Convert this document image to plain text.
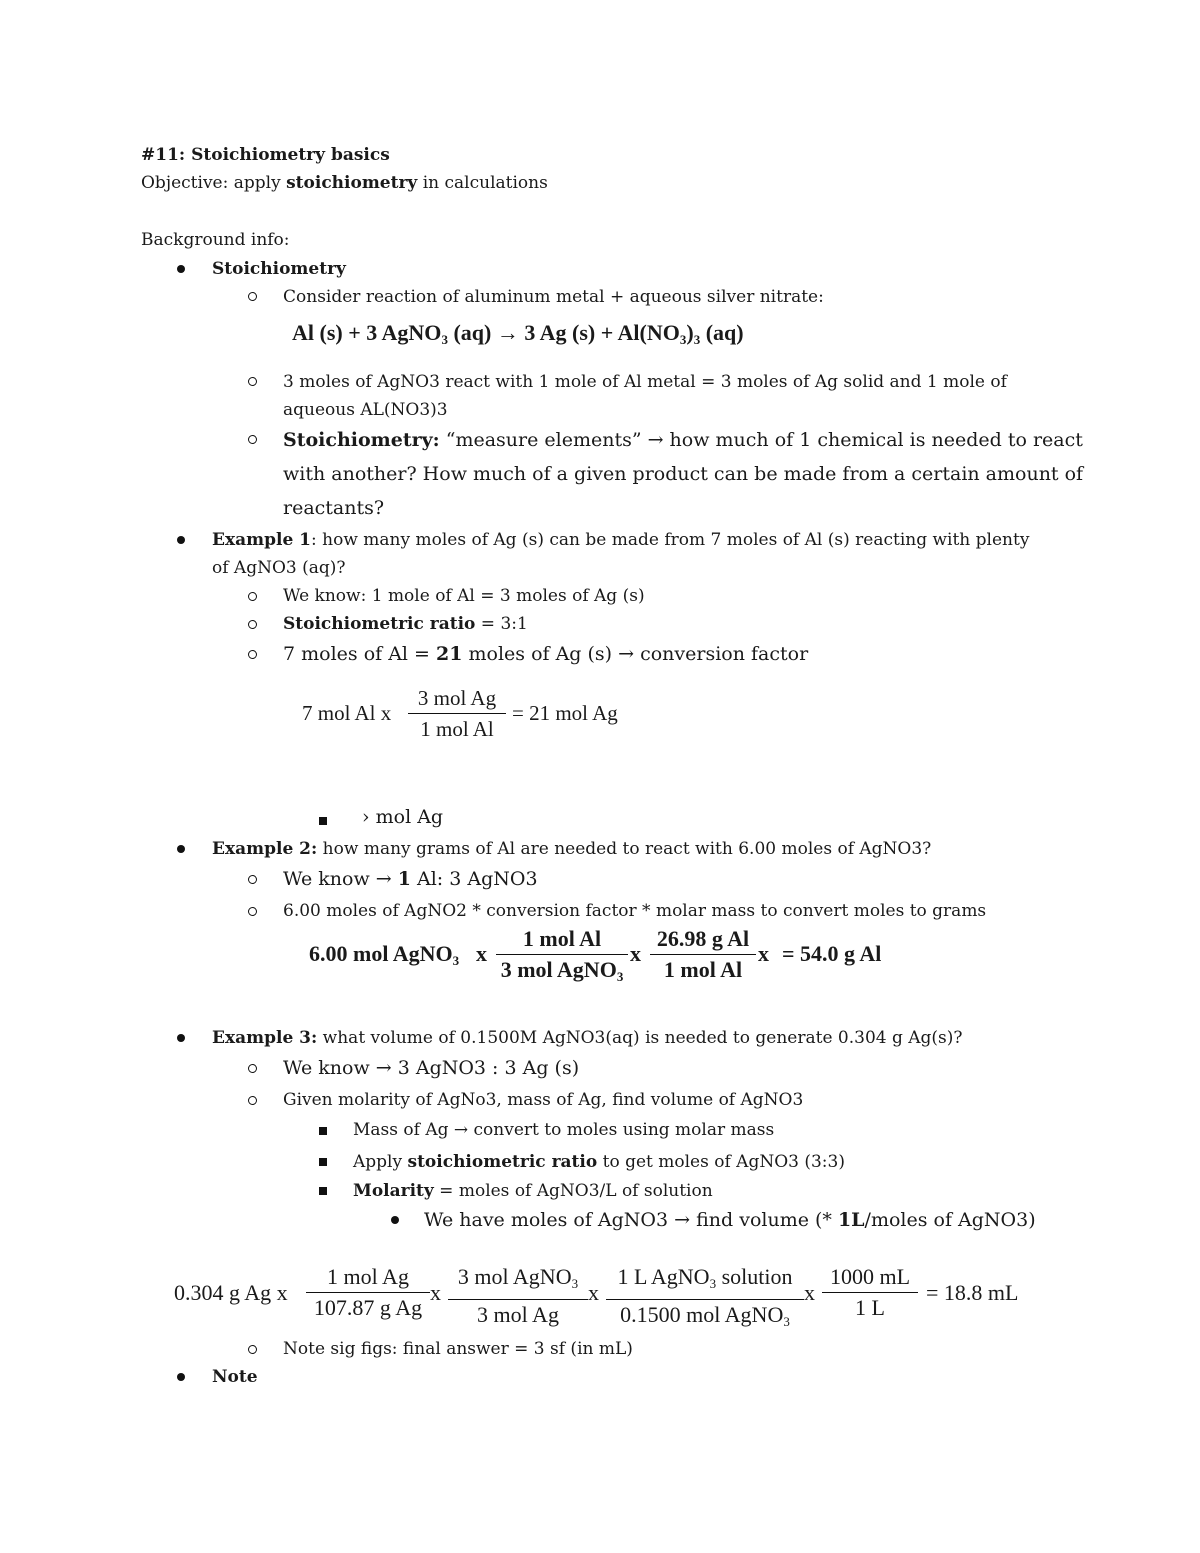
#11: Stoichiometry basics
Objective: apply stoichiometry in calculations
Background info:
Stoichiometry
Consider reaction of aluminum metal + aqueous silver nitrate:
Al (s) + 3 AgNO$_3$ (aq) → 3 Ag $(s) + Al(NO_3)_3$ (aq)
3 moles of AgNO3 react with 1 mole of Al metal = 3 moles of Ag solid and 1 mole of
aqueous AL(NO3)3
Stoichiometry: “measure elements” → how much of 1 chemical is needed to react
with another? How much of a given product can be made from a certain amount of
reactants?
Example 1: how many moles of Ag (s) can be made from 7 moles of Al (s) reacting with plenty
of AgNO3 (aq)?
We know: 1 mole of Al = 3 moles of Ag (s)
Stoichiometric ratio = 3:1
7 moles of Al = 21 moles of Ag (s) → conversion factor
7 mol Al x
3 mol Ag
1 mol Al
= 21 mol Ag
› mol Ag
Example 2: how many grams of Al are needed to react with 6.00 moles of AgNO3?
We know → 1 Al: 3 AgNO3
6.00 moles of AgNO2 * conversion factor * molar mass to convert moles to grams
6.00 mol AgNO$_3$ x
1 mol Al
3 mol AgNO$_3$
x
26.98 g Al
1 mol Al
x = 54.0 g Al
Example 3: what volume of 0.1500M AgNO3(aq) is needed to generate 0.304 g Ag(s)?
We know → 3 AgNO3 : 3 Ag (s)
Given molarity of AgNo3, mass of Ag, find volume of AgNO3
Mass of Ag → convert to moles using molar mass
Apply stoichiometric ratio to get moles of AgNO3 (3:3)
Molarity = moles of AgNO3/L of solution
We have moles of AgNO3 → find volume (* 1L/moles of AgNO3)
0.304 g Ag x
1 mol Ag
107.87 g Ag
x
3 mol AgNO$_3$
3 mol Ag
x
1 L AgNO$_3$ solution
0.1500 mol AgNO$_3$
x $\frac{1000 mL}{1 L} = 18.8$ mL
Note sig figs: final answer = 3 sf (in mL)
Note
